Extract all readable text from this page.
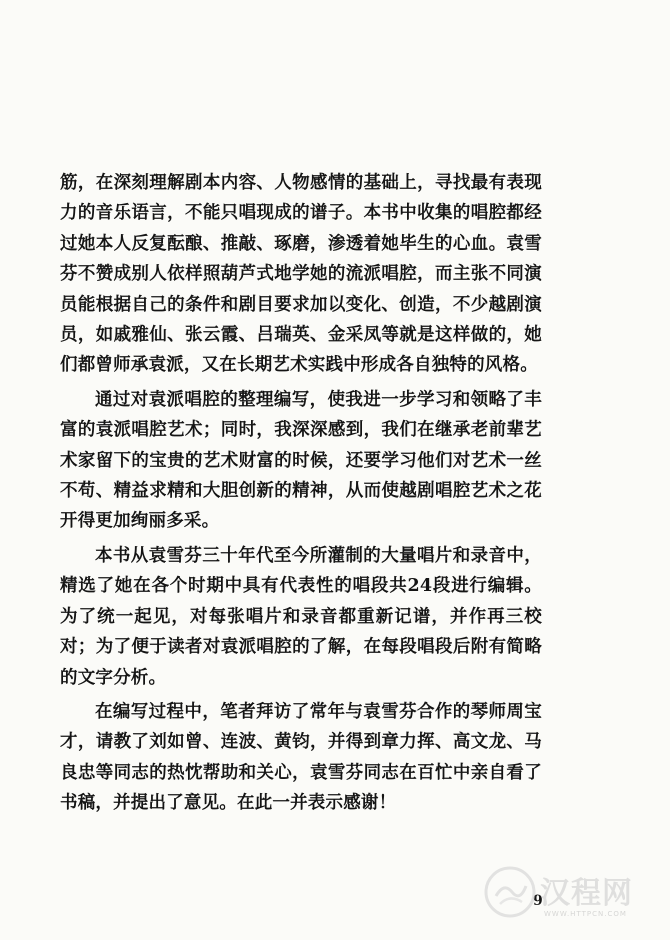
筋，在深刻理解剧本内容、人物感情的基础上，寻找最有表现力的音乐语言，不能只唱现成的谱子。本书中收集的唱腔都经过她本人反复酝酿、推敲、琢磨，渗透着她毕生的心血。袁雪芬不赞成别人依样照葫芦式地学她的流派唱腔，而主张不同演员能根据自己的条件和剧目要求加以变化、创造，不少越剧演员，如戚雅仙、张云霞、吕瑞英、金采凤等就是这样做的，她们都曾师承袁派，又在长期艺术实践中形成各自独特的风格。

通过对袁派唱腔的整理编写，使我进一步学习和领略了丰富的袁派唱腔艺术；同时，我深深感到，我们在继承老前辈艺术家留下的宝贵的艺术财富的时候，还要学习他们对艺术一丝不苟、精益求精和大胆创新的精神，从而使越剧唱腔艺术之花开得更加绚丽多采。

本书从袁雪芬三十年代至今所灌制的大量唱片和录音中，精选了她在各个时期中具有代表性的唱段共24段进行编辑。为了统一起见，对每张唱片和录音都重新记谱，并作再三校对；为了便于读者对袁派唱腔的了解，在每段唱段后附有简略的文字分析。

在编写过程中，笔者拜访了常年与袁雪芬合作的琴师周宝才，请教了刘如曾、连波、黄钧，并得到章力挥、高文龙、马良忠等同志的热忱帮助和关心，袁雪芬同志在百忙中亲自看了书稿，并提出了意见。在此一并表示感谢！

9
汉程网
WWW.HTTPCN.COM
